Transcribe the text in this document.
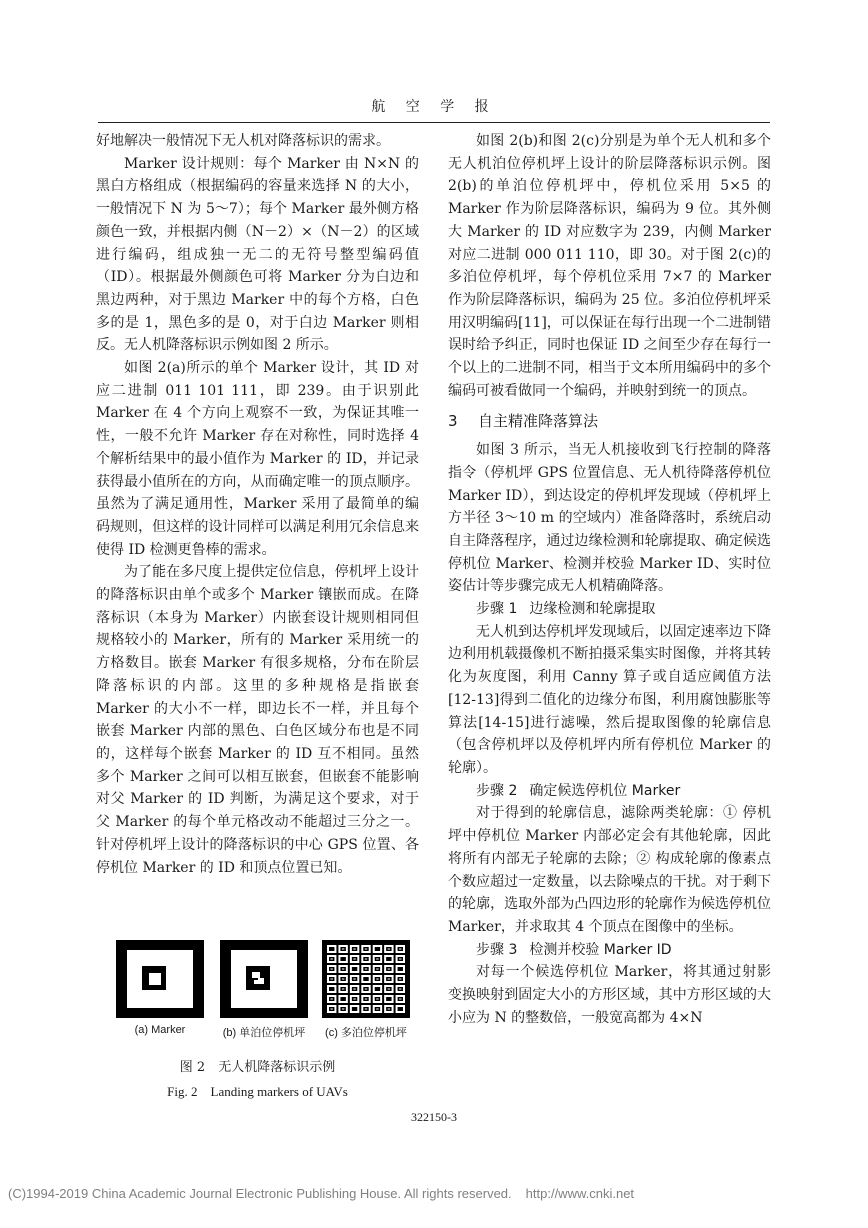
航 空 学 报

好地解决一般情况下无人机对降落标识的需求。

Marker 设计规则：每个 Marker 由 N×N 的黑白方格组成（根据编码的容量来选择 N 的大小，一般情况下 N 为 5～7）；每个 Marker 最外侧方格颜色一致，并根据内侧（N－2）×（N－2）的区域进行编码，组成独一无二的无符号整型编码值（ID）。根据最外侧颜色可将 Marker 分为白边和黑边两种，对于黑边 Marker 中的每个方格，白色多的是 1，黑色多的是 0，对于白边 Marker 则相反。无人机降落标识示例如图 2 所示。

如图 2(a)所示的单个 Marker 设计，其 ID 对应二进制 011 101 111，即 239。由于识别此 Marker 在 4 个方向上观察不一致，为保证其唯一性，一般不允许 Marker 存在对称性，同时选择 4 个解析结果中的最小值作为 Marker 的 ID，并记录获得最小值所在的方向，从而确定唯一的顶点顺序。虽然为了满足通用性，Marker 采用了最简单的编码规则，但这样的设计同样可以满足利用冗余信息来使得 ID 检测更鲁棒的需求。

为了能在多尺度上提供定位信息，停机坪上设计的降落标识由单个或多个 Marker 镶嵌而成。在降落标识（本身为 Marker）内嵌套设计规则相同但规格较小的 Marker，所有的 Marker 采用统一的方格数目。嵌套 Marker 有很多规格，分布在阶层降落标识的内部。这里的多种规格是指嵌套 Marker 的大小不一样，即边长不一样，并且每个嵌套 Marker 内部的黑色、白色区域分布也是不同的，这样每个嵌套 Marker 的 ID 互不相同。虽然多个 Marker 之间可以相互嵌套，但嵌套不能影响对父 Marker 的 ID 判断，为满足这个要求，对于父 Marker 的每个单元格改动不能超过三分之一。针对停机坪上设计的降落标识的中心 GPS 位置、各停机位 Marker 的 ID 和顶点位置已知。

(a) Marker	(b) 单泊位停机坪	(c) 多泊位停机坪
图 2　无人机降落标识示例
Fig. 2　Landing markers of UAVs

如图 2(b)和图 2(c)分别是为单个无人机和多个无人机泊位停机坪上设计的阶层降落标识示例。图 2(b)的单泊位停机坪中，停机位采用 5×5 的 Marker 作为阶层降落标识，编码为 9 位。其外侧大 Marker 的 ID 对应数字为 239，内侧 Marker 对应二进制 000 011 110，即 30。对于图 2(c)的多泊位停机坪，每个停机位采用 7×7 的 Marker 作为阶层降落标识，编码为 25 位。多泊位停机坪采用汉明编码[11]，可以保证在每行出现一个二进制错误时给予纠正，同时也保证 ID 之间至少存在每行一个以上的二进制不同，相当于文本所用编码中的多个编码可被看做同一个编码，并映射到统一的顶点。

3 自主精准降落算法

如图 3 所示，当无人机接收到飞行控制的降落指令（停机坪 GPS 位置信息、无人机待降落停机位 Marker ID），到达设定的停机坪发现域（停机坪上方半径 3～10 m 的空域内）准备降落时，系统启动自主降落程序，通过边缘检测和轮廓提取、确定候选停机位 Marker、检测并校验 Marker ID、实时位姿估计等步骤完成无人机精确降落。

步骤 1 边缘检测和轮廓提取

无人机到达停机坪发现域后，以固定速率边下降边利用机载摄像机不断拍摄采集实时图像，并将其转化为灰度图，利用 Canny 算子或自适应阈值方法[12-13]得到二值化的边缘分布图，利用腐蚀膨胀等算法[14-15]进行滤噪，然后提取图像的轮廓信息（包含停机坪以及停机坪内所有停机位 Marker 的轮廓）。

步骤 2 确定候选停机位 Marker

对于得到的轮廓信息，滤除两类轮廓：① 停机坪中停机位 Marker 内部必定会有其他轮廓，因此将所有内部无子轮廓的去除；② 构成轮廓的像素点个数应超过一定数量，以去除噪点的干扰。对于剩下的轮廓，选取外部为凸四边形的轮廓作为候选停机位 Marker，并求取其 4 个顶点在图像中的坐标。

步骤 3 检测并校验 Marker ID

对每一个候选停机位 Marker，将其通过射影变换映射到固定大小的方形区域，其中方形区域的大小应为 N 的整数倍，一般宽高都为 4×N

322150-3
(C)1994-2019 China Academic Journal Electronic Publishing House. All rights reserved. http://www.cnki.net
